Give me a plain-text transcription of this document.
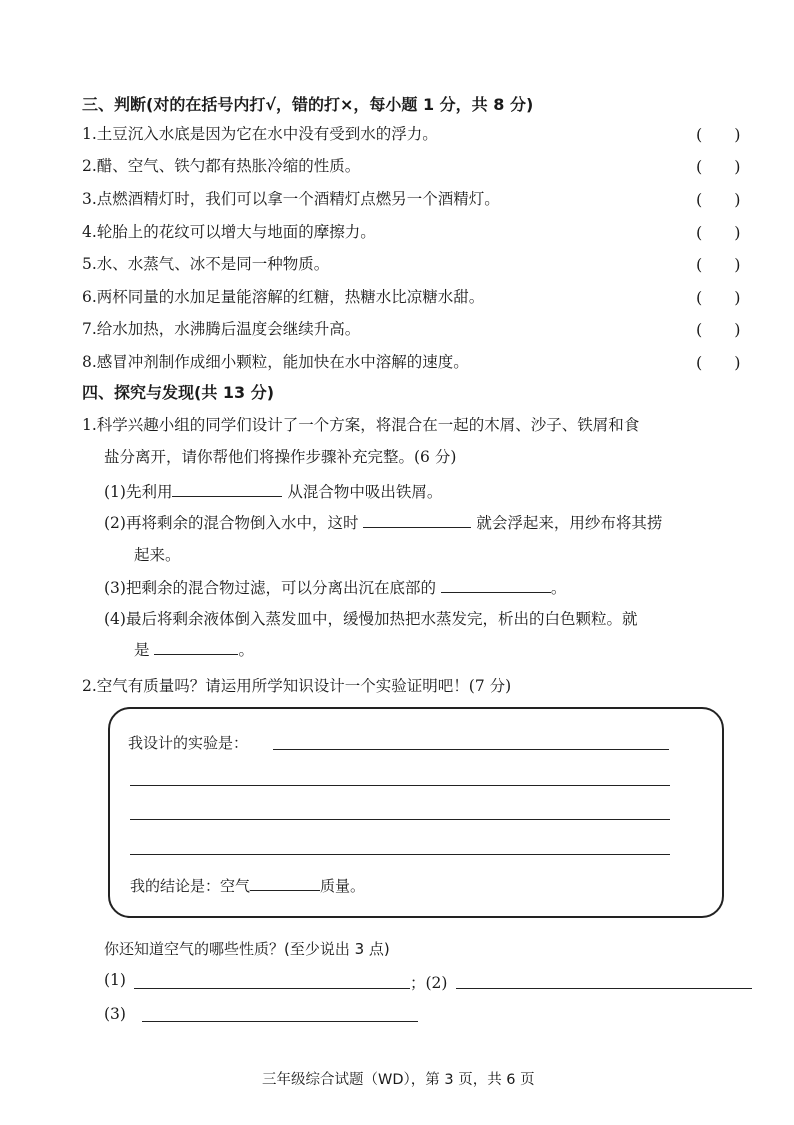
三、判断(对的在括号内打√，错的打×，每小题 1 分，共 8 分)
1.土豆沉入水底是因为它在水中没有受到水的浮力。	(　　)
2.醋、空气、铁勺都有热胀冷缩的性质。	(　　)
3.点燃酒精灯时，我们可以拿一个酒精灯点燃另一个酒精灯。	(　　)
4.轮胎上的花纹可以增大与地面的摩擦力。	(　　)
5.水、水蒸气、冰不是同一种物质。	(　　)
6.两杯同量的水加足量能溶解的红糖，热糖水比凉糖水甜。	(　　)
7.给水加热，水沸腾后温度会继续升高。	(　　)
8.感冒冲剂制作成细小颗粒，能加快在水中溶解的速度。	(　　)
四、探究与发现(共 13 分)
1.科学兴趣小组的同学们设计了一个方案，将混合在一起的木屑、沙子、铁屑和食
盐分离开，请你帮他们将操作步骤补充完整。(6 分)
(1)先利用	从混合物中吸出铁屑。
(2)再将剩余的混合物倒入水中，这时	就会浮起来，用纱布将其捞
起来。
(3)把剩余的混合物过滤，可以分离出沉在底部的	。
(4)最后将剩余液体倒入蒸发皿中，缓慢加热把水蒸发完，析出的白色颗粒。就
是	。
2.空气有质量吗？请运用所学知识设计一个实验证明吧！(7 分)
我设计的实验是：
我的结论是：空气	质量。
你还知道空气的哪些性质？(至少说出 3 点)
(1)	；(2)
(3)
三年级综合试题（WD），第 3 页，共 6 页
